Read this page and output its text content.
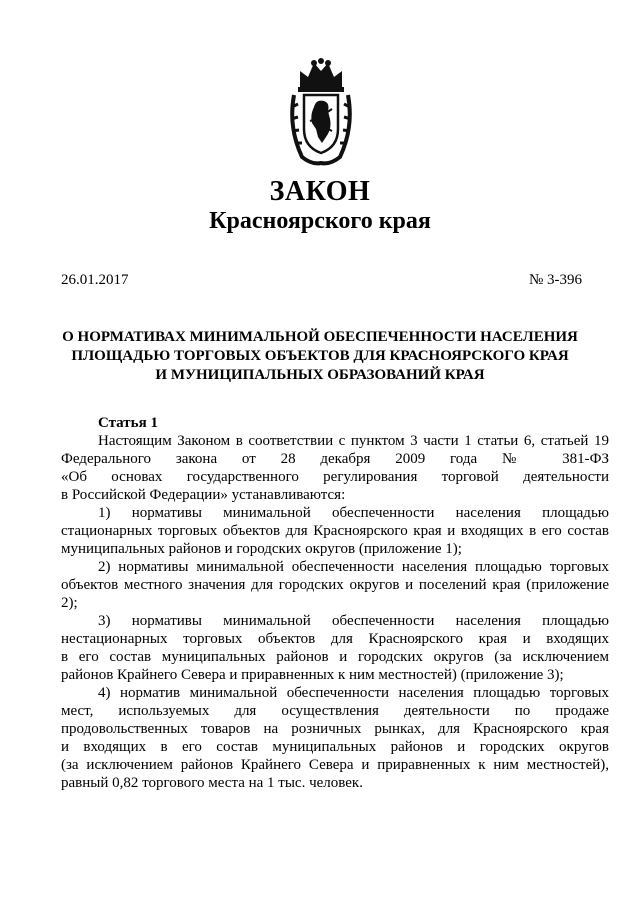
ЗАКОН
Красноярского края
26.01.2017	№ 3-396
О НОРМАТИВАХ МИНИМАЛЬНОЙ ОБЕСПЕЧЕННОСТИ НАСЕЛЕНИЯ
ПЛОЩАДЬЮ ТОРГОВЫХ ОБЪЕКТОВ ДЛЯ КРАСНОЯРСКОГО КРАЯ
И МУНИЦИПАЛЬНЫХ ОБРАЗОВАНИЙ КРАЯ
Статья 1
Настоящим Законом в соответствии с пунктом 3 части 1 статьи 6, статьей 19
Федерального закона от 28 декабря 2009 года № 381-ФЗ
«Об основах государственного регулирования торговой деятельности
в Российской Федерации» устанавливаются:
1) нормативы минимальной обеспеченности населения площадью
стационарных торговых объектов для Красноярского края и входящих в его состав
муниципальных районов и городских округов (приложение 1);
2) нормативы минимальной обеспеченности населения площадью торговых
объектов местного значения для городских округов и поселений края (приложение
2);
3) нормативы минимальной обеспеченности населения площадью
нестационарных торговых объектов для Красноярского края и входящих
в его состав муниципальных районов и городских округов (за исключением
районов Крайнего Севера и приравненных к ним местностей) (приложение 3);
4) норматив минимальной обеспеченности населения площадью торговых
мест, используемых для осуществления деятельности по продаже
продовольственных товаров на розничных рынках, для Красноярского края
и входящих в его состав муниципальных районов и городских округов
(за исключением районов Крайнего Севера и приравненных к ним местностей),
равный 0,82 торгового места на 1 тыс. человек.
